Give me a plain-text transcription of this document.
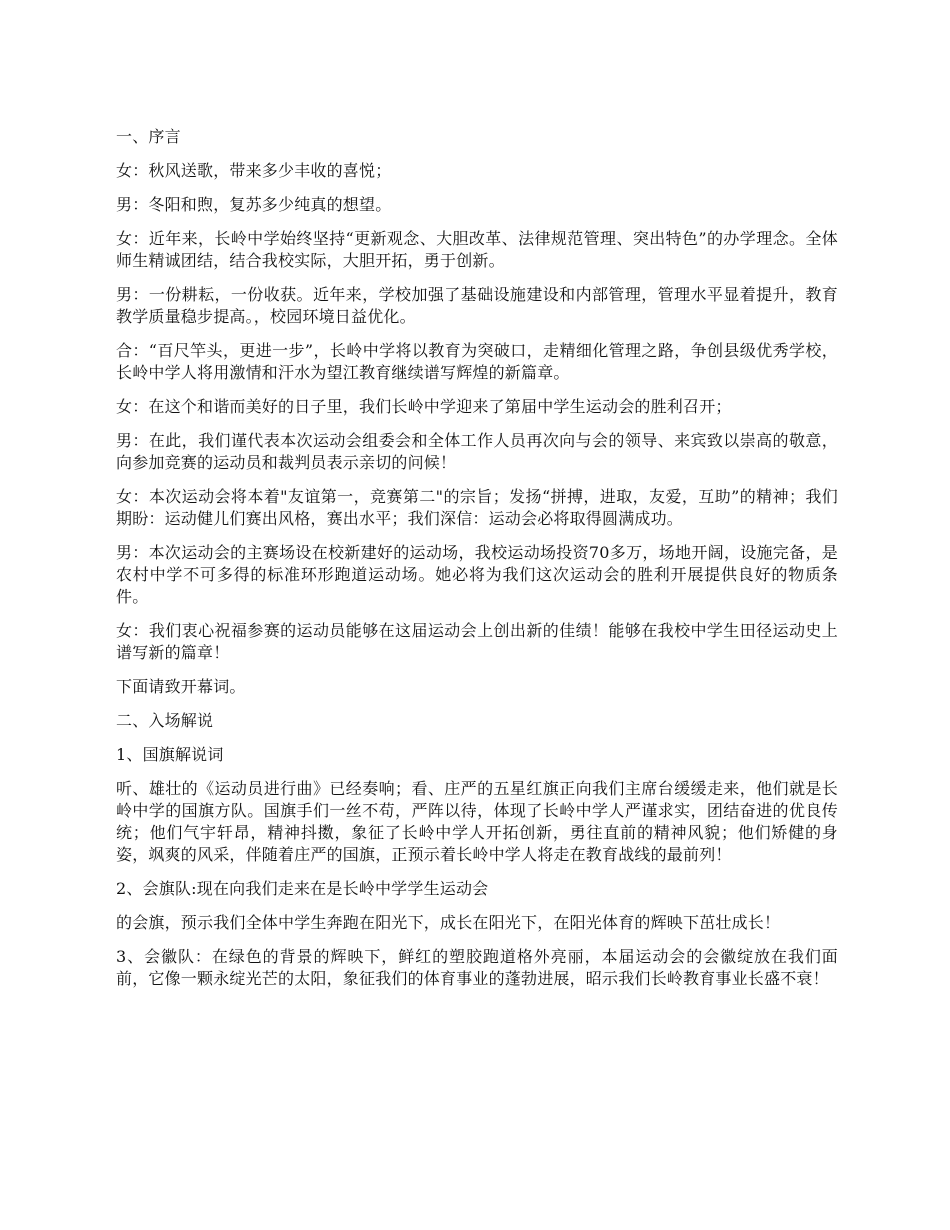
一、序言

女：秋风送歌，带来多少丰收的喜悦；

男：冬阳和煦，复苏多少纯真的想望。

女：近年来，长岭中学始终坚持“更新观念、大胆改革、法律规范管理、突出特色”的办学理念。全体师生精诚团结，结合我校实际，大胆开拓，勇于创新。

男：一份耕耘，一份收获。近年来，学校加强了基础设施建设和内部管理，管理水平显着提升，教育教学质量稳步提高。，校园环境日益优化。

合：“百尺竿头，更进一步”，长岭中学将以教育为突破口，走精细化管理之路，争创县级优秀学校，长岭中学人将用激情和汗水为望江教育继续谱写辉煌的新篇章。

女：在这个和谐而美好的日子里，我们长岭中学迎来了第届中学生运动会的胜利召开；

男：在此，我们谨代表本次运动会组委会和全体工作人员再次向与会的领导、来宾致以崇高的敬意，向参加竞赛的运动员和裁判员表示亲切的问候！

女：本次运动会将本着"友谊第一，竞赛第二"的宗旨；发扬“拼搏，进取，友爱，互助”的精神；我们期盼：运动健儿们赛出风格，赛出水平；我们深信：运动会必将取得圆满成功。

男：本次运动会的主赛场设在校新建好的运动场，我校运动场投资70多万，场地开阔，设施完备，是农村中学不可多得的标准环形跑道运动场。她必将为我们这次运动会的胜利开展提供良好的物质条件。

女：我们衷心祝福参赛的运动员能够在这届运动会上创出新的佳绩！能够在我校中学生田径运动史上谱写新的篇章！

下面请致开幕词。

二、入场解说

1、国旗解说词

听、雄壮的《运动员进行曲》已经奏响；看、庄严的五星红旗正向我们主席台缓缓走来，他们就是长岭中学的国旗方队。国旗手们一丝不苟，严阵以待，体现了长岭中学人严谨求实，团结奋进的优良传统；他们气宇轩昂，精神抖擞，象征了长岭中学人开拓创新，勇往直前的精神风貌；他们矫健的身姿，飒爽的风采，伴随着庄严的国旗，正预示着长岭中学人将走在教育战线的最前列！

2、会旗队:现在向我们走来在是长岭中学学生运动会

的会旗，预示我们全体中学生奔跑在阳光下，成长在阳光下，在阳光体育的辉映下茁壮成长！

3、会徽队：在绿色的背景的辉映下，鲜红的塑胶跑道格外亮丽，本届运动会的会徽绽放在我们面前，它像一颗永绽光芒的太阳，象征我们的体育事业的蓬勃进展，昭示我们长岭教育事业长盛不衰！
